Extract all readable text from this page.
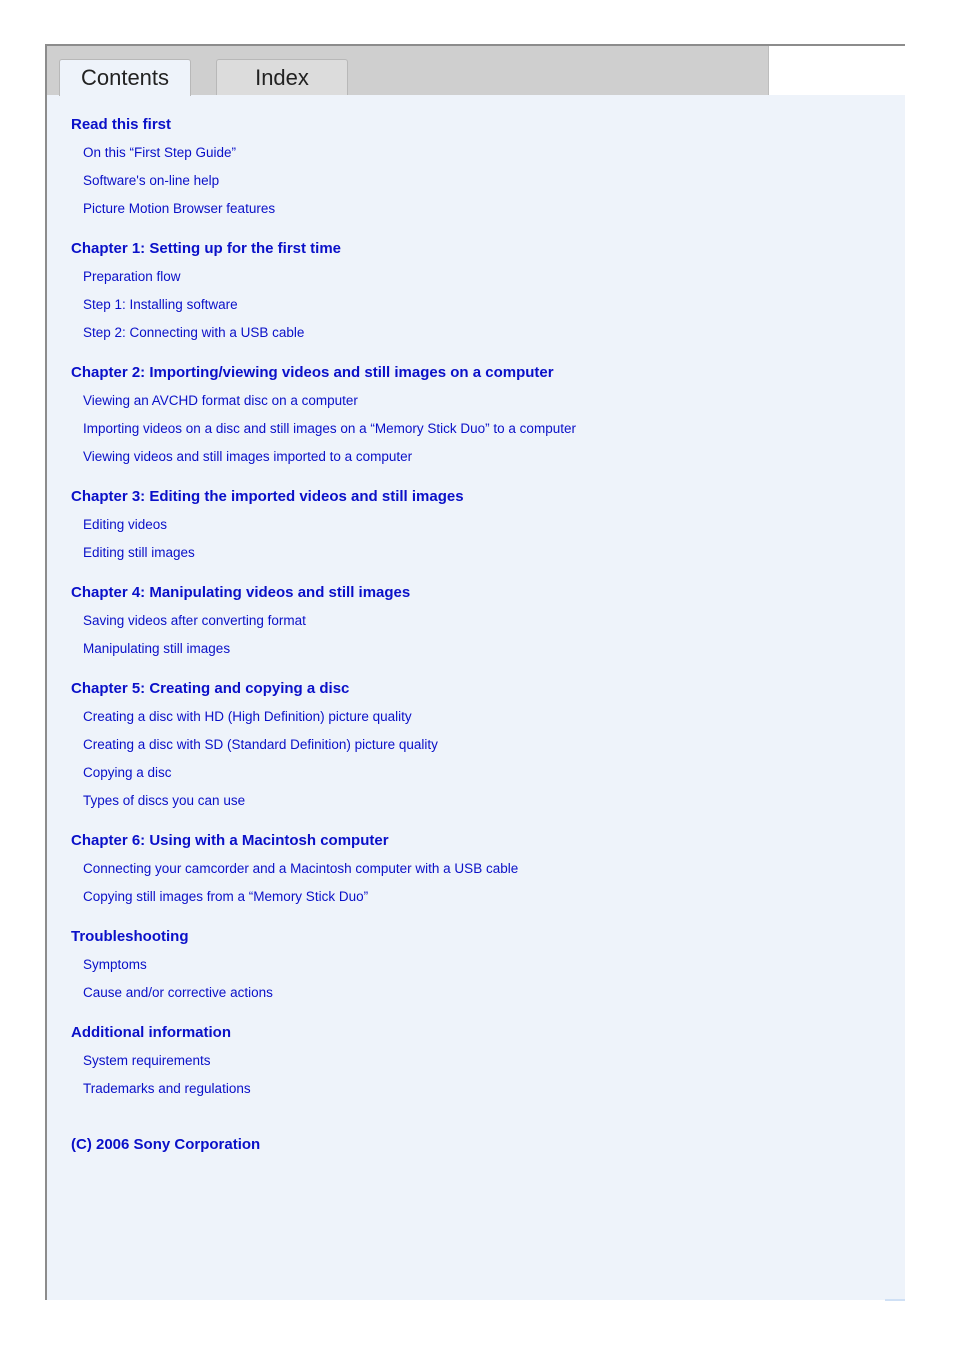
Contents	Index
Read this first
On this “First Step Guide”
Software's on-line help
Picture Motion Browser features
Chapter 1: Setting up for the first time
Preparation flow
Step 1: Installing software
Step 2: Connecting with a USB cable
Chapter 2: Importing/viewing videos and still images on a computer
Viewing an AVCHD format disc on a computer
Importing videos on a disc and still images on a “Memory Stick Duo” to a computer
Viewing videos and still images imported to a computer
Chapter 3: Editing the imported videos and still images
Editing videos
Editing still images
Chapter 4: Manipulating videos and still images
Saving videos after converting format
Manipulating still images
Chapter 5: Creating and copying a disc
Creating a disc with HD (High Definition) picture quality
Creating a disc with SD (Standard Definition) picture quality
Copying a disc
Types of discs you can use
Chapter 6: Using with a Macintosh computer
Connecting your camcorder and a Macintosh computer with a USB cable
Copying still images from a “Memory Stick Duo”
Troubleshooting
Symptoms
Cause and/or corrective actions
Additional information
System requirements
Trademarks and regulations
(C) 2006 Sony Corporation
